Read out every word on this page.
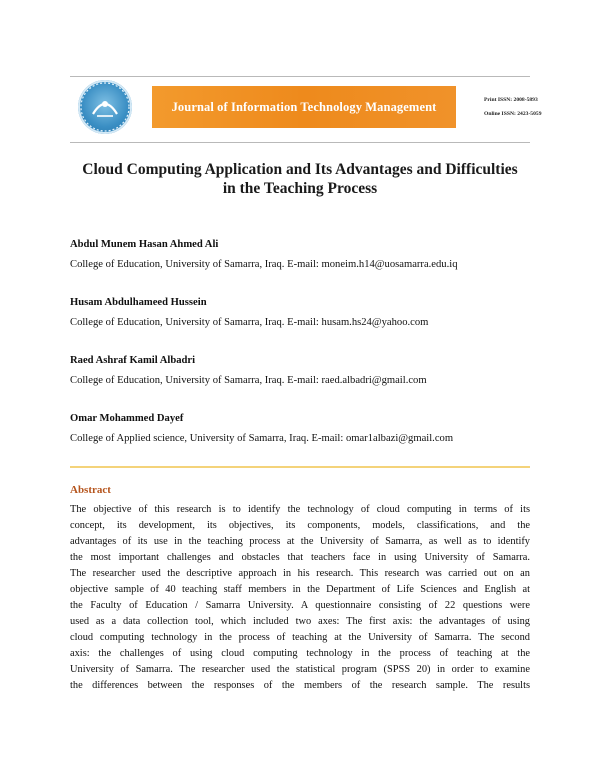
Journal of Information Technology Management	Print ISSN: 2008-5893
Online ISSN: 2423-5059
Cloud Computing Application and Its Advantages and Difficulties
in the Teaching Process
Abdul Munem Hasan Ahmed Ali
College of Education, University of Samarra, Iraq. E-mail: moneim.h14@uosamarra.edu.iq
Husam Abdulhameed Hussein
College of Education, University of Samarra, Iraq. E-mail: husam.hs24@yahoo.com
Raed Ashraf Kamil Albadri
College of Education, University of Samarra, Iraq. E-mail: raed.albadri@gmail.com
Omar Mohammed Dayef
College of Applied science, University of Samarra, Iraq. E-mail: omar1albazi@gmail.com
Abstract
The objective of this research is to identify the technology of cloud computing in terms of its
concept, its development, its objectives, its components, models, classifications, and the
advantages of its use in the teaching process at the University of Samarra, as well as to identify
the most important challenges and obstacles that teachers face in using University of Samarra.
The researcher used the descriptive approach in his research. This research was carried out on an
objective sample of 40 teaching staff members in the Department of Life Sciences and English at
the Faculty of Education / Samarra University. A questionnaire consisting of 22 questions were
used as a data collection tool, which included two axes: The first axis: the advantages of using
cloud computing technology in the process of teaching at the University of Samarra. The second
axis: the challenges of using cloud computing technology in the process of teaching at the
University of Samarra. The researcher used the statistical program (SPSS 20) in order to examine
the differences between the responses of the members of the research sample. The results
